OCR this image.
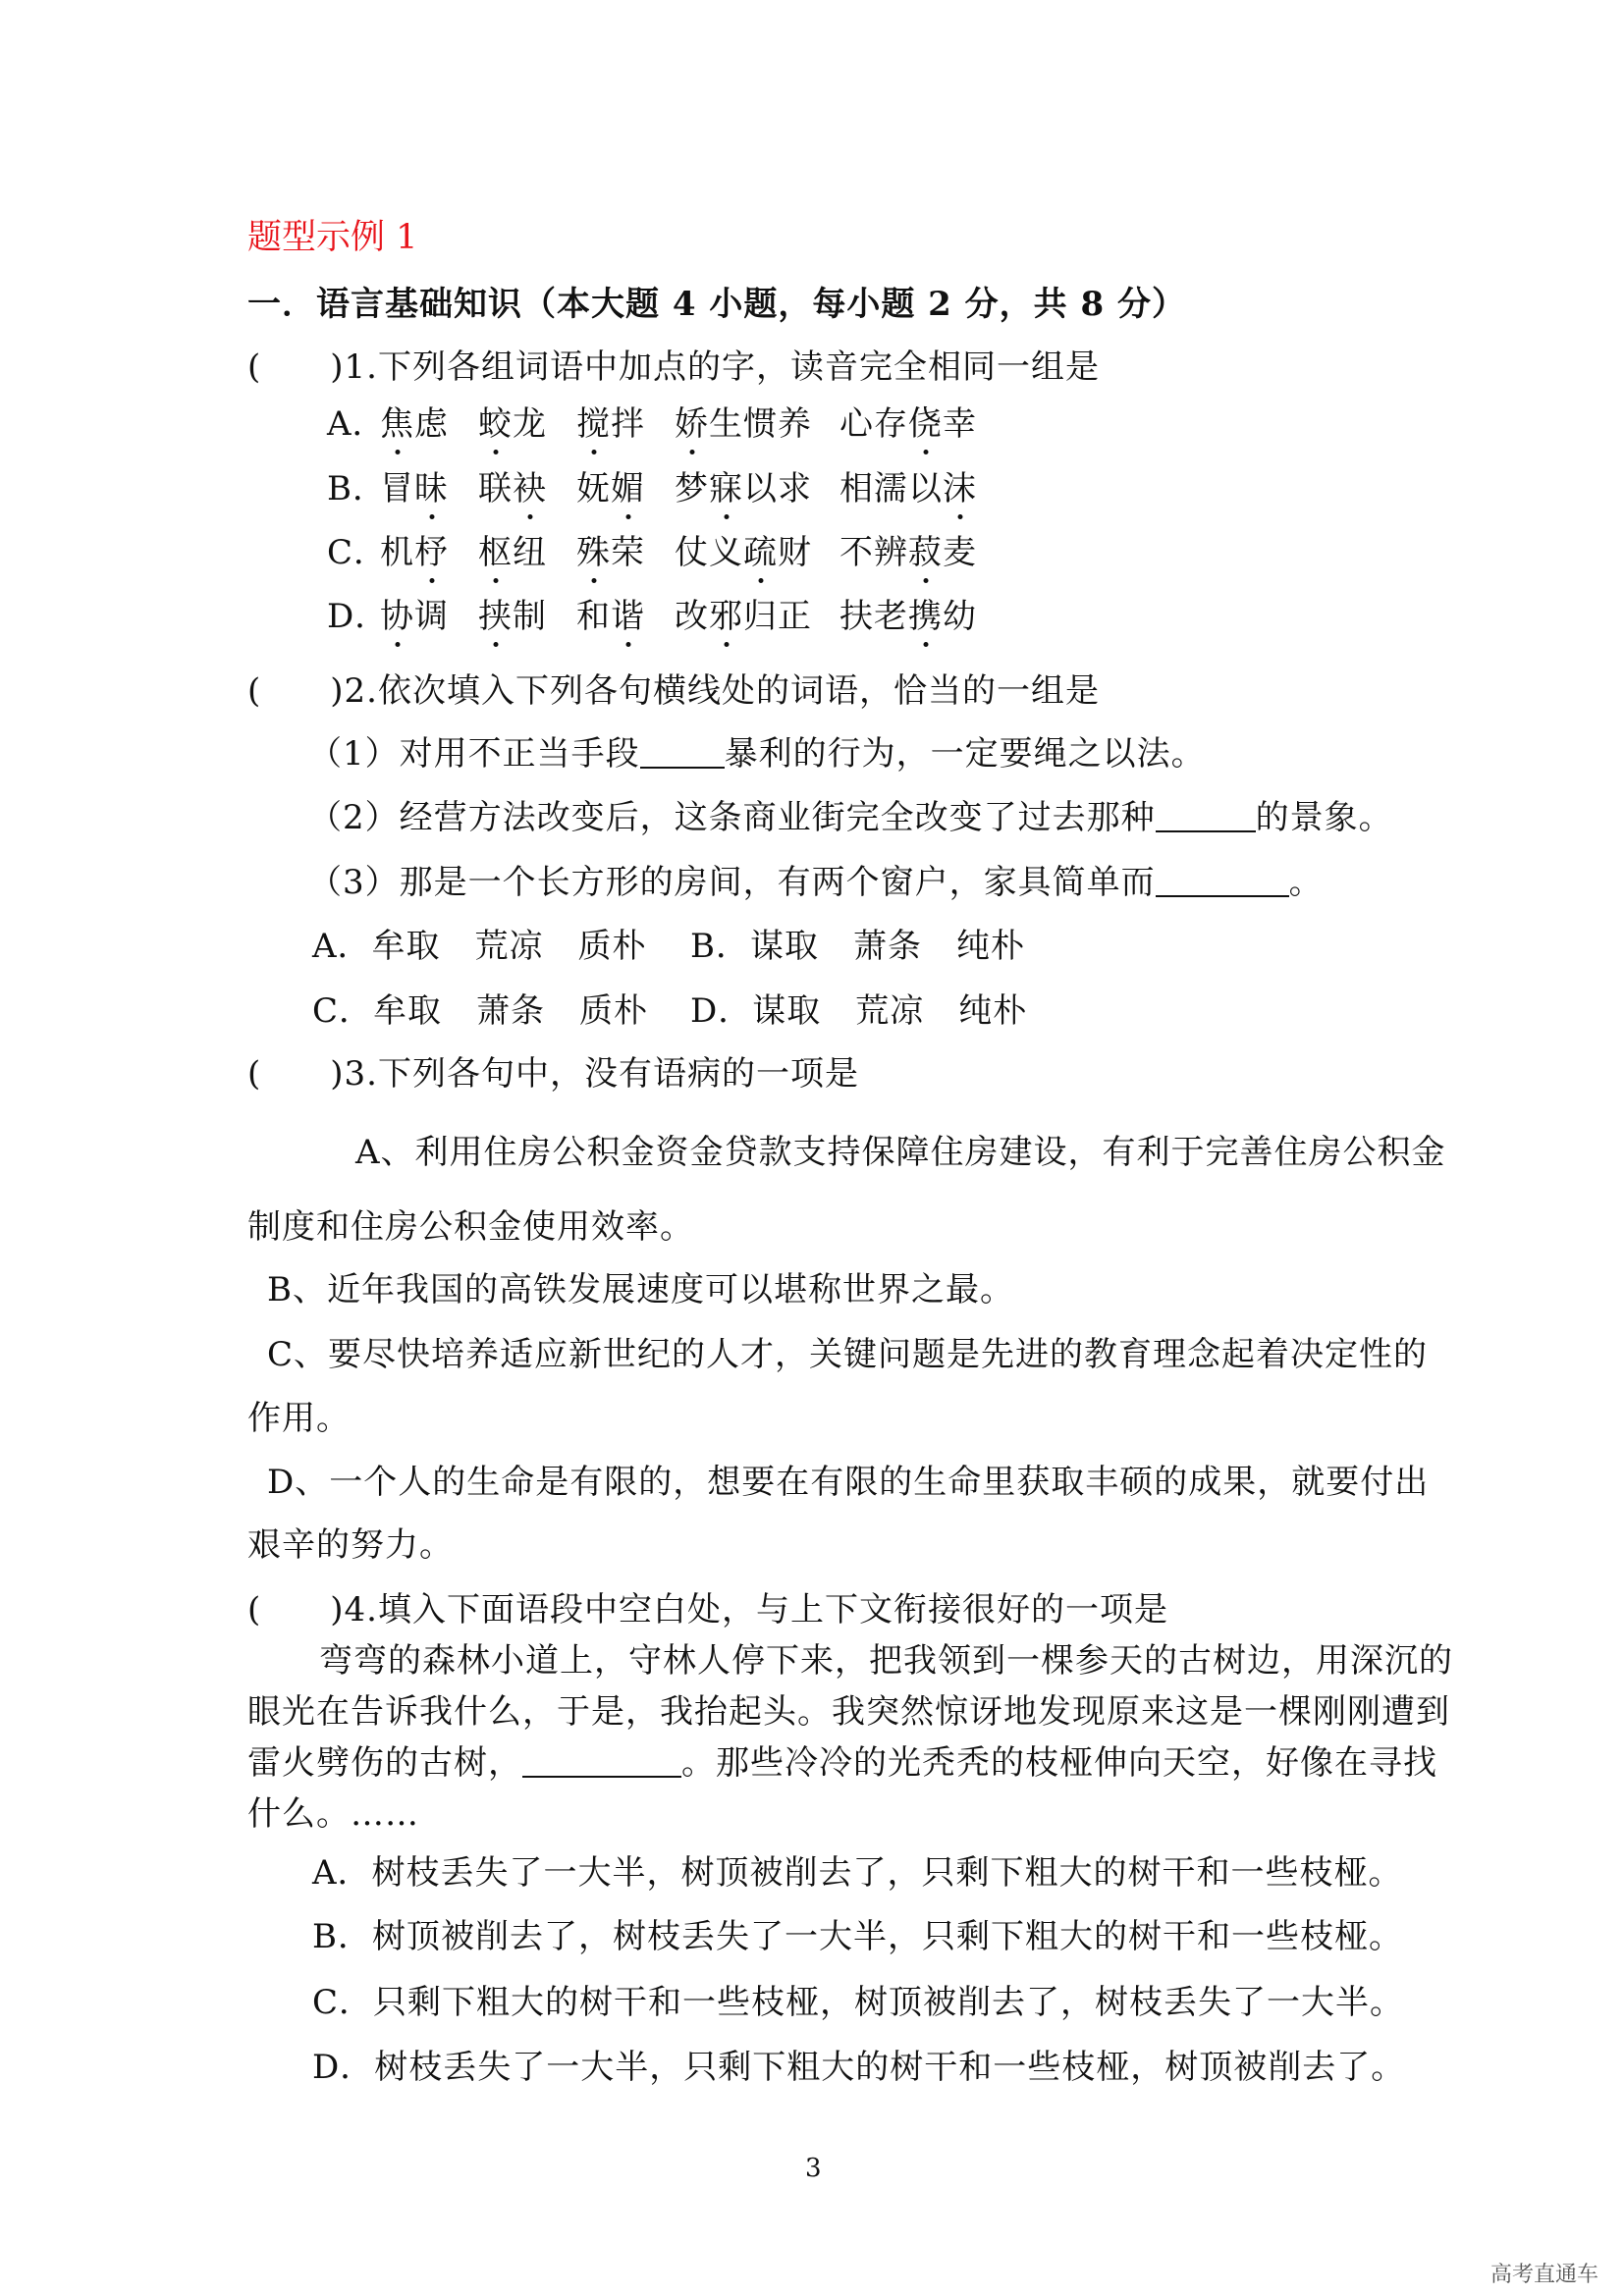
题型示例 1
一．语言基础知识（本大题 4 小题，每小题 2 分，共 8 分）
(　　)1.下列各组词语中加点的字，读音完全相同一组是
A．焦虑 蛟龙 搅拌 娇生惯养 心存侥幸
B．冒昧 联袂 妩媚 梦寐以求 相濡以沫
C．机杼 枢纽 殊荣 仗义疏财 不辨菽麦
D．协调 挟制 和谐 改邪归正 扶老携幼
(　　)2.依次填入下列各句横线处的词语，恰当的一组是
（1）对用不正当手段	暴利的行为，一定要绳之以法。
（2）经营方法改变后，这条商业街完全改变了过去那种	的景象。
（3）那是一个长方形的房间，有两个窗户，家具简单而	。
A．牟取　荒凉　质朴 B．谋取　萧条　纯朴
C．牟取　萧条　质朴 D．谋取　荒凉　纯朴
(　　)3.下列各句中，没有语病的一项是
A、利用住房公积金资金贷款支持保障住房建设，有利于完善住房公积金
制度和住房公积金使用效率。
B、近年我国的高铁发展速度可以堪称世界之最。
C、要尽快培养适应新世纪的人才，关键问题是先进的教育理念起着决定性的
作用。
D、一个人的生命是有限的，想要在有限的生命里获取丰硕的成果，就要付出
艰辛的努力。
(　　)4.填入下面语段中空白处，与上下文衔接很好的一项是
弯弯的森林小道上，守林人停下来，把我领到一棵参天的古树边，用深沉的
眼光在告诉我什么，于是，我抬起头。我突然惊讶地发现原来这是一棵刚刚遭到
雷火劈伤的古树，	。那些冷冷的光秃秃的枝桠伸向天空，好像在寻找
什么。……
A．树枝丢失了一大半，树顶被削去了，只剩下粗大的树干和一些枝桠。
B．树顶被削去了，树枝丢失了一大半，只剩下粗大的树干和一些枝桠。
C．只剩下粗大的树干和一些枝桠，树顶被削去了，树枝丢失了一大半。
D．树枝丢失了一大半，只剩下粗大的树干和一些枝桠，树顶被削去了。
3
高考直通车
